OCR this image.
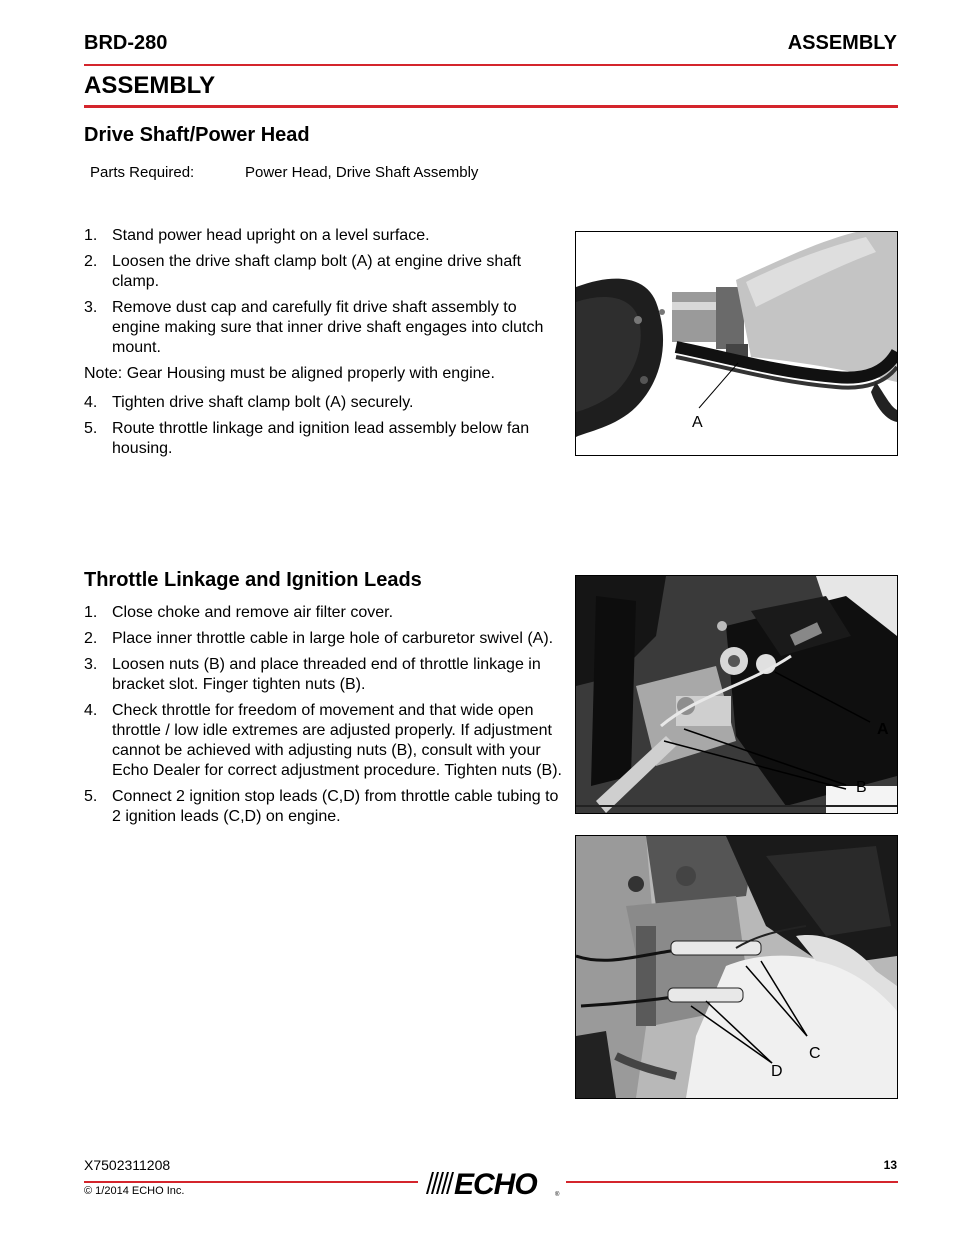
BRD-280	ASSEMBLY
ASSEMBLY
Drive Shaft/Power Head
Parts Required:	Power Head, Drive Shaft Assembly
1. Stand power head upright on a level surface.
2. Loosen the drive shaft clamp bolt (A) at engine drive shaft clamp.
3. Remove dust cap and carefully fit drive shaft assembly to engine making sure that inner drive shaft engages into clutch mount.
Note: Gear Housing must be aligned properly with engine.
4. Tighten drive shaft clamp bolt (A) securely.
5. Route throttle linkage and ignition lead assembly below fan housing.
A
Throttle Linkage and Ignition Leads
1. Close choke and remove air filter cover.
2. Place inner throttle cable in large hole of carburetor swivel (A).
3. Loosen nuts (B) and place threaded end of throttle linkage in bracket slot. Finger tighten nuts (B).
4. Check throttle for freedom of movement and that wide open throttle / low idle extremes are adjusted properly. If adjustment cannot be achieved with adjusting nuts (B), consult with your Echo Dealer for correct adjustment procedure. Tighten nuts (B).
5. Connect 2 ignition stop leads (C,D) from throttle cable tubing to 2 ignition leads (C,D) on engine.
A
B
C
D
X7502311208	13
© 1/2014 ECHO Inc.	ECHO	®
